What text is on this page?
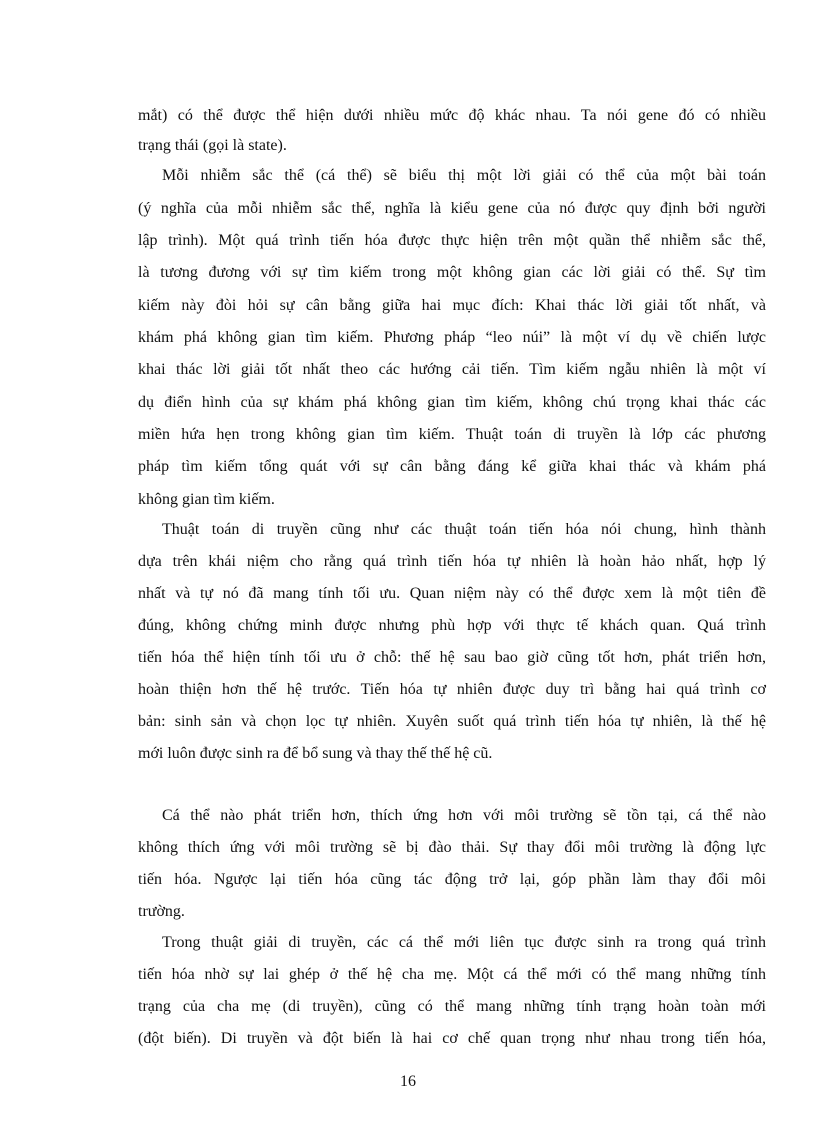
mắt) có thể được thể hiện dưới nhiều mức độ khác nhau. Ta nói gene đó có nhiều
trạng thái (gọi là state).
Mỗi nhiễm sắc thể (cá thể) sẽ biểu thị một lời giải có thể của một bài toán
(ý nghĩa của mỗi nhiễm sắc thể, nghĩa là kiểu gene của nó được quy định bởi người
lập trình). Một quá trình tiến hóa được thực hiện trên một quần thể nhiễm sắc thể,
là tương đương với sự tìm kiếm trong một không gian các lời giải có thể. Sự tìm
kiếm này đòi hỏi sự cân bằng giữa hai mục đích: Khai thác lời giải tốt nhất, và
khám phá không gian tìm kiếm. Phương pháp “leo núi” là một ví dụ về chiến lược
khai thác lời giải tốt nhất theo các hướng cải tiến. Tìm kiếm ngẫu nhiên là một ví
dụ điển hình của sự khám phá không gian tìm kiếm, không chú trọng khai thác các
miền hứa hẹn trong không gian tìm kiếm. Thuật toán di truyền là lớp các phương
pháp tìm kiếm tổng quát với sự cân bằng đáng kể giữa khai thác và khám phá
không gian tìm kiếm.
Thuật toán di truyền cũng như các thuật toán tiến hóa nói chung, hình thành
dựa trên khái niệm cho rằng quá trình tiến hóa tự nhiên là hoàn hảo nhất, hợp lý
nhất và tự nó đã mang tính tối ưu. Quan niệm này có thể được xem là một tiên đề
đúng, không chứng minh được nhưng phù hợp với thực tế khách quan. Quá trình
tiến hóa thể hiện tính tối ưu ở chỗ: thế hệ sau bao giờ cũng tốt hơn, phát triển hơn,
hoàn thiện hơn thế hệ trước. Tiến hóa tự nhiên được duy trì bằng hai quá trình cơ
bản: sinh sản và chọn lọc tự nhiên. Xuyên suốt quá trình tiến hóa tự nhiên, là thế hệ
mới luôn được sinh ra để bổ sung và thay thế thế hệ cũ.
Cá thể nào phát triển hơn, thích ứng hơn với môi trường sẽ tồn tại, cá thể nào
không thích ứng với môi trường sẽ bị đào thải. Sự thay đổi môi trường là động lực
tiến hóa. Ngược lại tiến hóa cũng tác động trở lại, góp phần làm thay đổi môi
trường.
Trong thuật giải di truyền, các cá thể mới liên tục được sinh ra trong quá trình
tiến hóa nhờ sự lai ghép ở thế hệ cha mẹ. Một cá thể mới có thể mang những tính
trạng của cha mẹ (di truyền), cũng có thể mang những tính trạng hoàn toàn mới
(đột biến). Di truyền và đột biến là hai cơ chế quan trọng như nhau trong tiến hóa,
16
